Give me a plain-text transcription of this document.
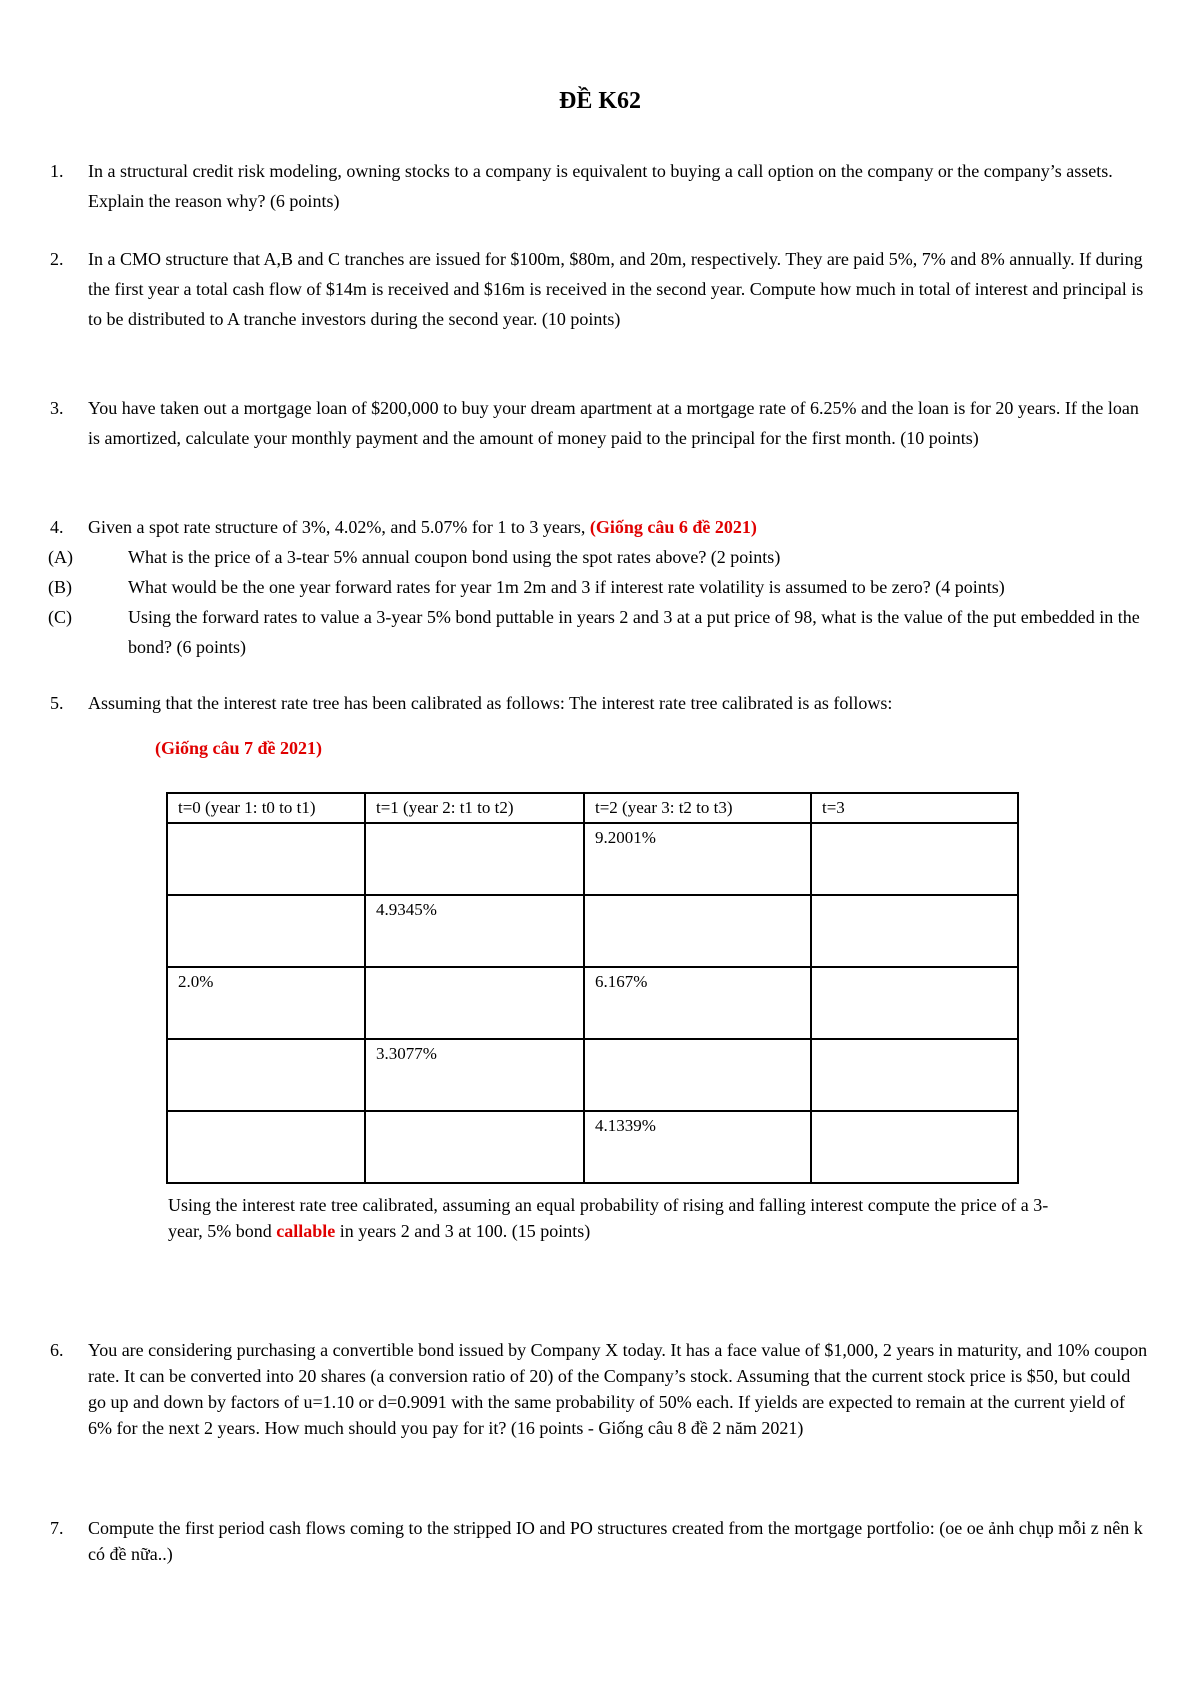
ĐỀ K62
1.	In a structural credit risk modeling, owning stocks to a company is equivalent to buying a call option on the company or the company’s assets. Explain the reason why? (6 points)

2.	In a CMO structure that A,B and C tranches are issued for $100m, $80m, and 20m, respectively. They are paid 5%, 7% and 8% annually. If during the first year a total cash flow of $14m is received and $16m is received in the second year. Compute how much in total of interest and principal is to be distributed to A tranche investors during the second year. (10 points)

3.	You have taken out a mortgage loan of $200,000 to buy your dream apartment at a mortgage rate of 6.25% and the loan is for 20 years. If the loan is amortized, calculate your monthly payment and the amount of money paid to the principal for the first month. (10 points)

4.	Given a spot rate structure of 3%, 4.02%, and 5.07% for 1 to 3 years, (Giống câu 6 đề 2021)

(A)	What is the price of a 3-tear 5% annual coupon bond using the spot rates above? (2 points)

(B)	What would be the one year forward rates for year 1m 2m and 3 if interest rate volatility is assumed to be zero? (4 points)

(C)	Using the forward rates to value a 3-year 5% bond puttable in years 2 and 3 at a put price of 98, what is the value of the put embedded in the bond? (6 points)

5.	Assuming that the interest rate tree has been calibrated as follows: The interest rate tree calibrated is as follows:

(Giống câu 7 đề 2021)
t=0 (year 1: t0 to t1)	t=1 (year 2: t1 to t2)	t=2 (year 3: t2 to t3)	t=3
		9.2001%	
	4.9345%		
2.0%		6.167%	
	3.3077%		
		4.1339%	
Using the interest rate tree calibrated, assuming an equal probability of rising and falling interest compute the price of a 3-year, 5% bond callable in years 2 and 3 at 100. (15 points)
6.	You are considering purchasing a convertible bond issued by Company X today. It has a face value of $1,000, 2 years in maturity, and 10% coupon rate. It can be converted into 20 shares (a conversion ratio of 20) of the Company’s stock. Assuming that the current stock price is $50, but could go up and down by factors of u=1.10 or d=0.9091 with the same probability of 50% each. If yields are expected to remain at the current yield of 6% for the next 2 years. How much should you pay for it? (16 points - Giống câu 8 đề 2 năm 2021)

7.	Compute the first period cash flows coming to the stripped IO and PO structures created from the mortgage portfolio: (oe oe ảnh chụp mỗi z nên k có đề nữa..)
